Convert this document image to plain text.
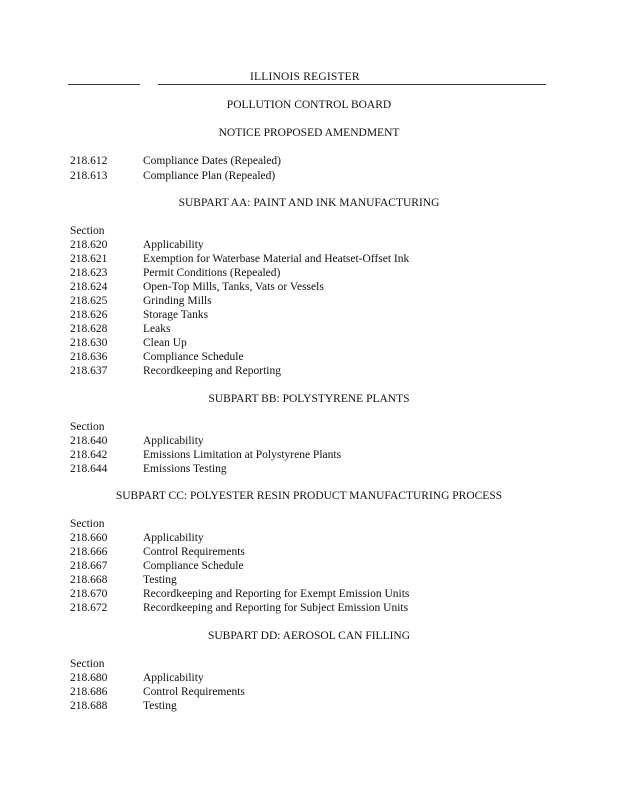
ILLINOIS REGISTER
POLLUTION CONTROL BOARD
NOTICE PROPOSED AMENDMENT
218.612	Compliance Dates (Repealed)
218.613	Compliance Plan (Repealed)
SUBPART AA: PAINT AND INK MANUFACTURING
Section
218.620	Applicability
218.621	Exemption for Waterbase Material and Heatset-Offset Ink
218.623	Permit Conditions (Repealed)
218.624	Open-Top Mills, Tanks, Vats or Vessels
218.625	Grinding Mills
218.626	Storage Tanks
218.628	Leaks
218.630	Clean Up
218.636	Compliance Schedule
218.637	Recordkeeping and Reporting
SUBPART BB: POLYSTYRENE PLANTS
Section
218.640	Applicability
218.642	Emissions Limitation at Polystyrene Plants
218.644	Emissions Testing
SUBPART CC: POLYESTER RESIN PRODUCT MANUFACTURING PROCESS
Section
218.660	Applicability
218.666	Control Requirements
218.667	Compliance Schedule
218.668	Testing
218.670	Recordkeeping and Reporting for Exempt Emission Units
218.672	Recordkeeping and Reporting for Subject Emission Units
SUBPART DD: AEROSOL CAN FILLING
Section
218.680	Applicability
218.686	Control Requirements
218.688	Testing
